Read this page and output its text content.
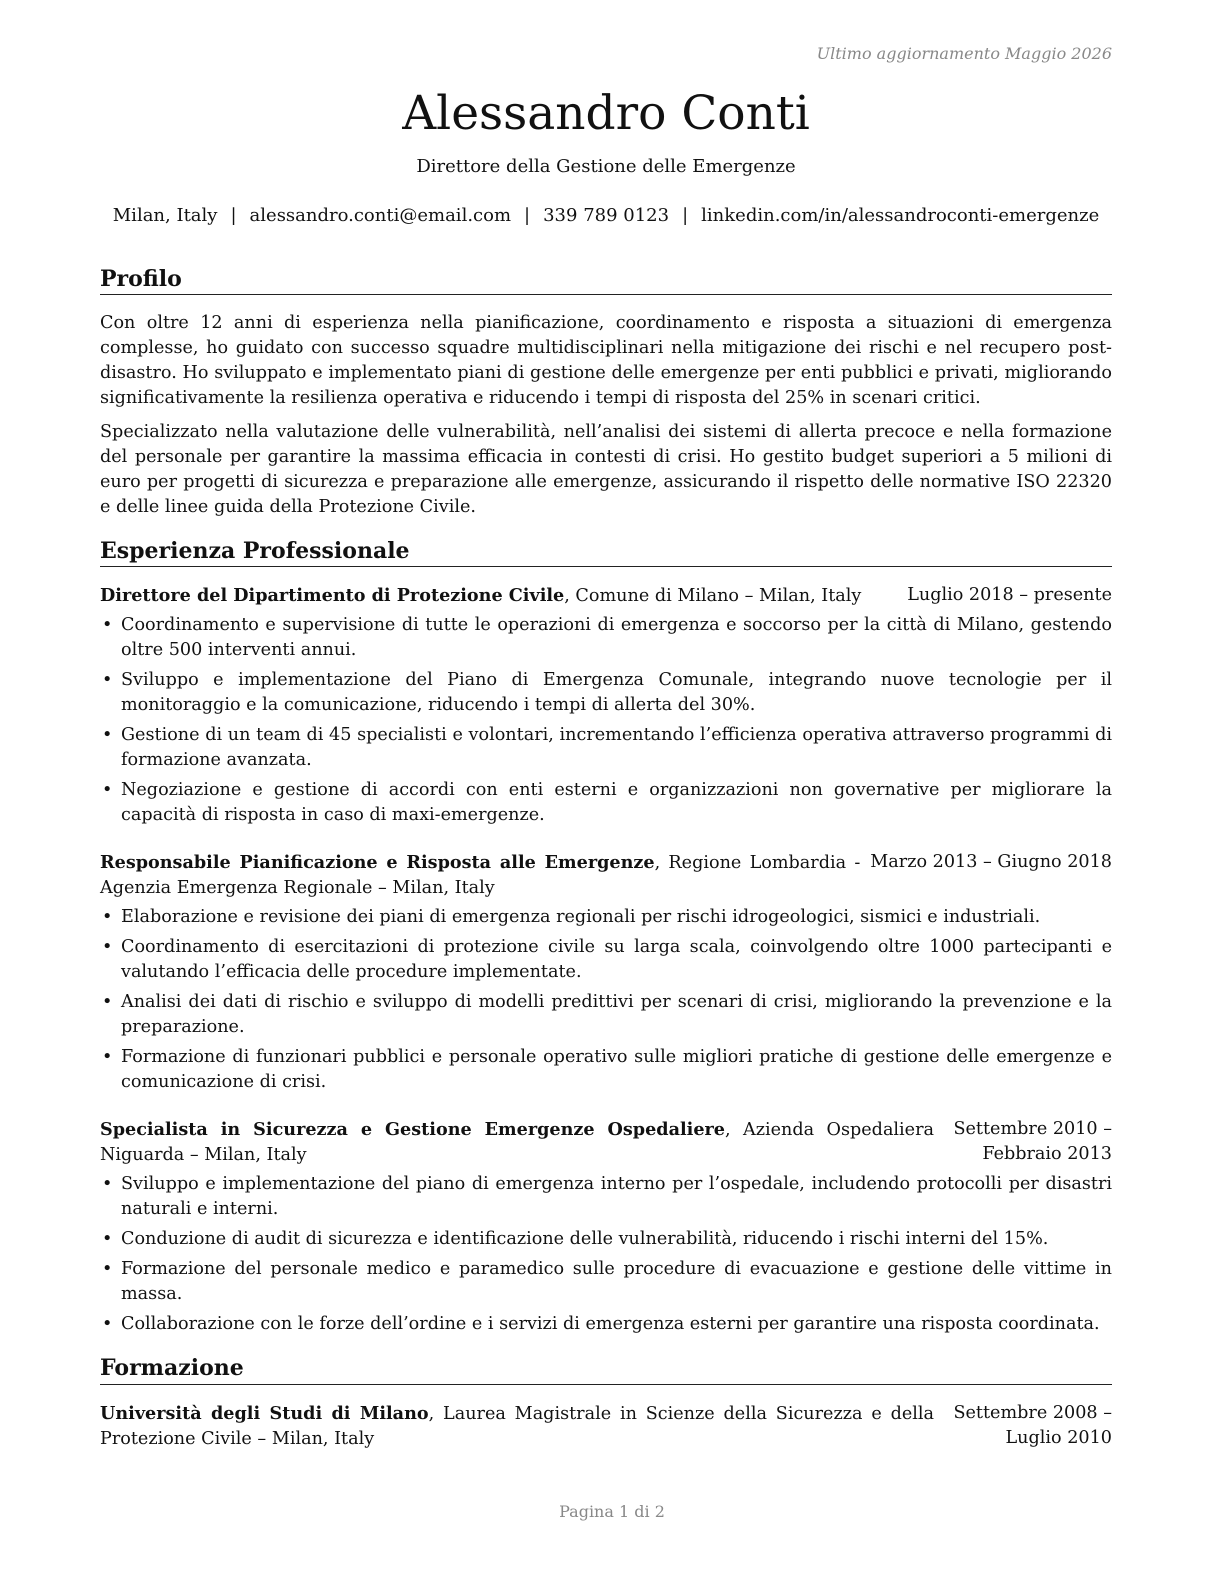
Ultimo aggiornamento Maggio 2026
Alessandro Conti
Direttore della Gestione delle Emergenze
Milan, Italy | alessandro.conti@email.com | 339 789 0123 | linkedin.com/in/alessandroconti-emergenze
Profilo

Con oltre 12 anni di esperienza nella pianificazione, coordinamento e risposta a situazioni di emergenza complesse, ho guidato con successo squadre multidisciplinari nella mitigazione dei rischi e nel recupero post-disastro. Ho sviluppato e implementato piani di gestione delle emergenze per enti pubblici e privati, migliorando significativamente la resilienza operativa e riducendo i tempi di risposta del 25% in scenari critici.

Specializzato nella valutazione delle vulnerabilità, nell’analisi dei sistemi di allerta precoce e nella formazione del personale per garantire la massima efficacia in contesti di crisi. Ho gestito budget superiori a 5 milioni di euro per progetti di sicurezza e preparazione alle emergenze, assicurando il rispetto delle normative ISO 22320 e delle linee guida della Protezione Civile.

Esperienza Professionale
Direttore del Dipartimento di Protezione Civile, Comune di Milano – Milan, Italy	Luglio 2018 – presente
• Coordinamento e supervisione di tutte le operazioni di emergenza e soccorso per la città di Milano, gestendo oltre 500 interventi annui.
• Sviluppo e implementazione del Piano di Emergenza Comunale, integrando nuove tecnologie per il monitoraggio e la comunicazione, riducendo i tempi di allerta del 30%.
• Gestione di un team di 45 specialisti e volontari, incrementando l’efficienza operativa attraverso programmi di formazione avanzata.
• Negoziazione e gestione di accordi con enti esterni e organizzazioni non governative per migliorare la capacità di risposta in caso di maxi-emergenze.
Responsabile Pianificazione e Risposta alle Emergenze, Regione Lombardia - Agenzia Emergenza Regionale – Milan, Italy
Marzo 2013 – Giugno 2018
• Elaborazione e revisione dei piani di emergenza regionali per rischi idrogeologici, sismici e industriali.
• Coordinamento di esercitazioni di protezione civile su larga scala, coinvolgendo oltre 1000 partecipanti e valutando l’efficacia delle procedure implementate.
• Analisi dei dati di rischio e sviluppo di modelli predittivi per scenari di crisi, migliorando la prevenzione e la preparazione.
• Formazione di funzionari pubblici e personale operativo sulle migliori pratiche di gestione delle emergenze e comunicazione di crisi.
Specialista in Sicurezza e Gestione Emergenze Ospedaliere, Azienda Ospedaliera Niguarda – Milan, Italy
Settembre 2010 – Febbraio 2013
• Sviluppo e implementazione del piano di emergenza interno per l’ospedale, includendo protocolli per disastri naturali e interni.
• Conduzione di audit di sicurezza e identificazione delle vulnerabilità, riducendo i rischi interni del 15%.
• Formazione del personale medico e paramedico sulle procedure di evacuazione e gestione delle vittime in massa.
• Collaborazione con le forze dell’ordine e i servizi di emergenza esterni per garantire una risposta coordinata.
Formazione
Università degli Studi di Milano, Laurea Magistrale in Scienze della Sicurezza e della Protezione Civile – Milan, Italy
Settembre 2008 – Luglio 2010
Pagina 1 di 2
